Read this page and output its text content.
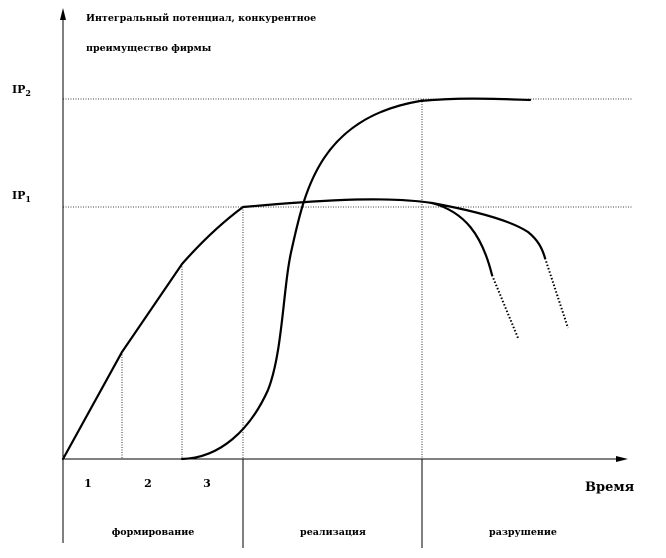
Интегральный потенциал, конкурентное
преимущество фирмы
$IP_2$
$IP_1$
1	2	3	Время
формирование	реализация	разрушение
